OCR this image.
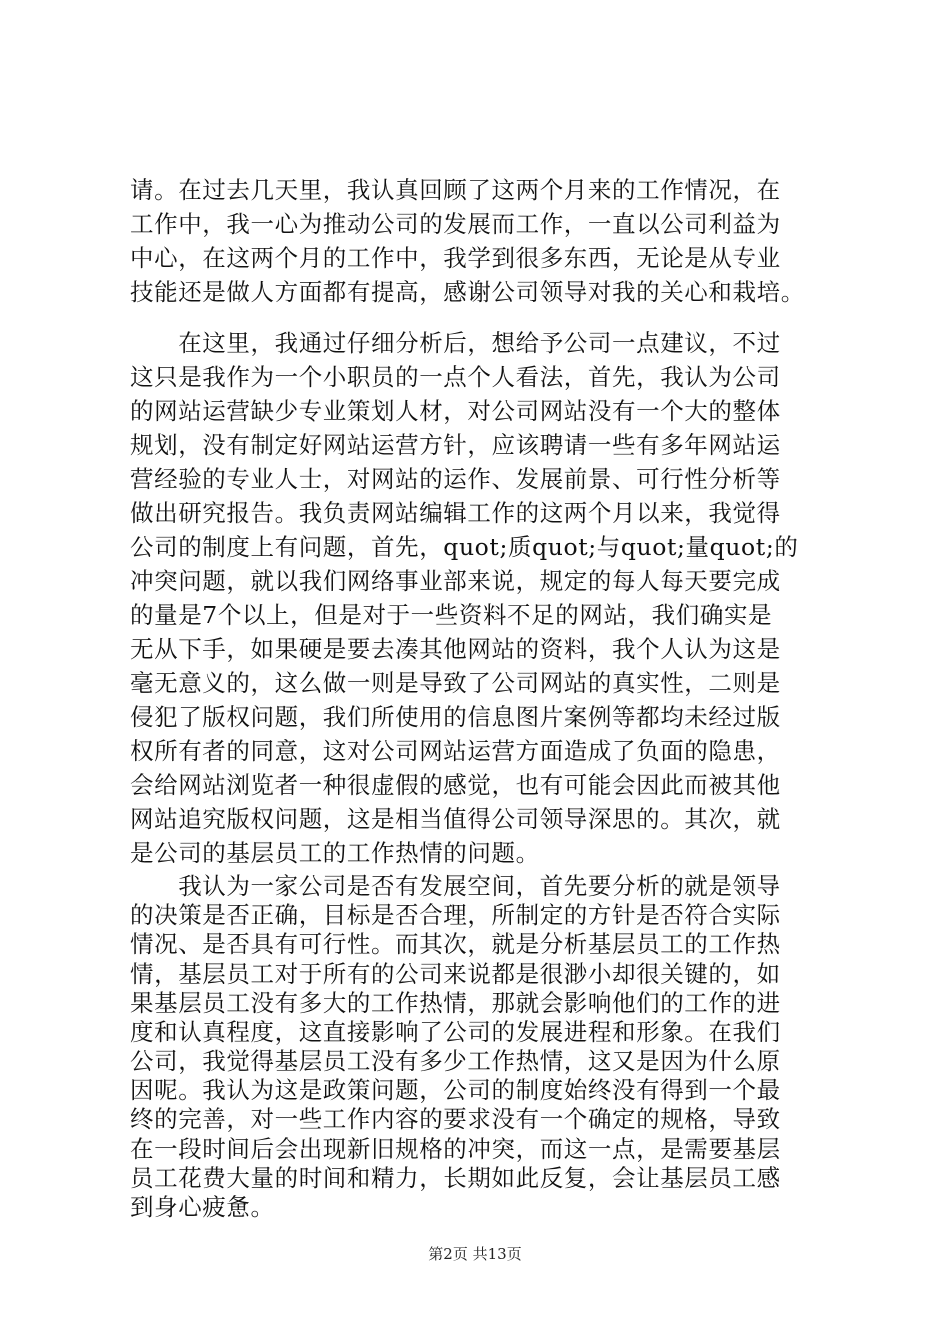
请。在过去几天里，我认真回顾了这两个月来的工作情况，在
工作中，我一心为推动公司的发展而工作，一直以公司利益为
中心，在这两个月的工作中，我学到很多东西，无论是从专业
技能还是做人方面都有提高，感谢公司领导对我的关心和栽培。
　　在这里，我通过仔细分析后，想给予公司一点建议，不过
这只是我作为一个小职员的一点个人看法，首先，我认为公司
的网站运营缺少专业策划人材，对公司网站没有一个大的整体
规划，没有制定好网站运营方针，应该聘请一些有多年网站运
营经验的专业人士，对网站的运作、发展前景、可行性分析等
做出研究报告。我负责网站编辑工作的这两个月以来，我觉得
公司的制度上有问题，首先，quot;质quot;与quot;量quot;的
冲突问题，就以我们网络事业部来说，规定的每人每天要完成
的量是7个以上，但是对于一些资料不足的网站，我们确实是
无从下手，如果硬是要去凑其他网站的资料，我个人认为这是
毫无意义的，这么做一则是导致了公司网站的真实性，二则是
侵犯了版权问题，我们所使用的信息图片案例等都均未经过版
权所有者的同意，这对公司网站运营方面造成了负面的隐患，
会给网站浏览者一种很虚假的感觉，也有可能会因此而被其他
网站追究版权问题，这是相当值得公司领导深思的。其次，就
是公司的基层员工的工作热情的问题。
　　我认为一家公司是否有发展空间，首先要分析的就是领导
的决策是否正确，目标是否合理，所制定的方针是否符合实际
情况、是否具有可行性。而其次，就是分析基层员工的工作热
情，基层员工对于所有的公司来说都是很渺小却很关键的，如
果基层员工没有多大的工作热情，那就会影响他们的工作的进
度和认真程度，这直接影响了公司的发展进程和形象。在我们
公司，我觉得基层员工没有多少工作热情，这又是因为什么原
因呢。我认为这是政策问题，公司的制度始终没有得到一个最
终的完善，对一些工作内容的要求没有一个确定的规格，导致
在一段时间后会出现新旧规格的冲突，而这一点，是需要基层
员工花费大量的时间和精力，长期如此反复，会让基层员工感
第2页 共13页
到身心疲惫。
